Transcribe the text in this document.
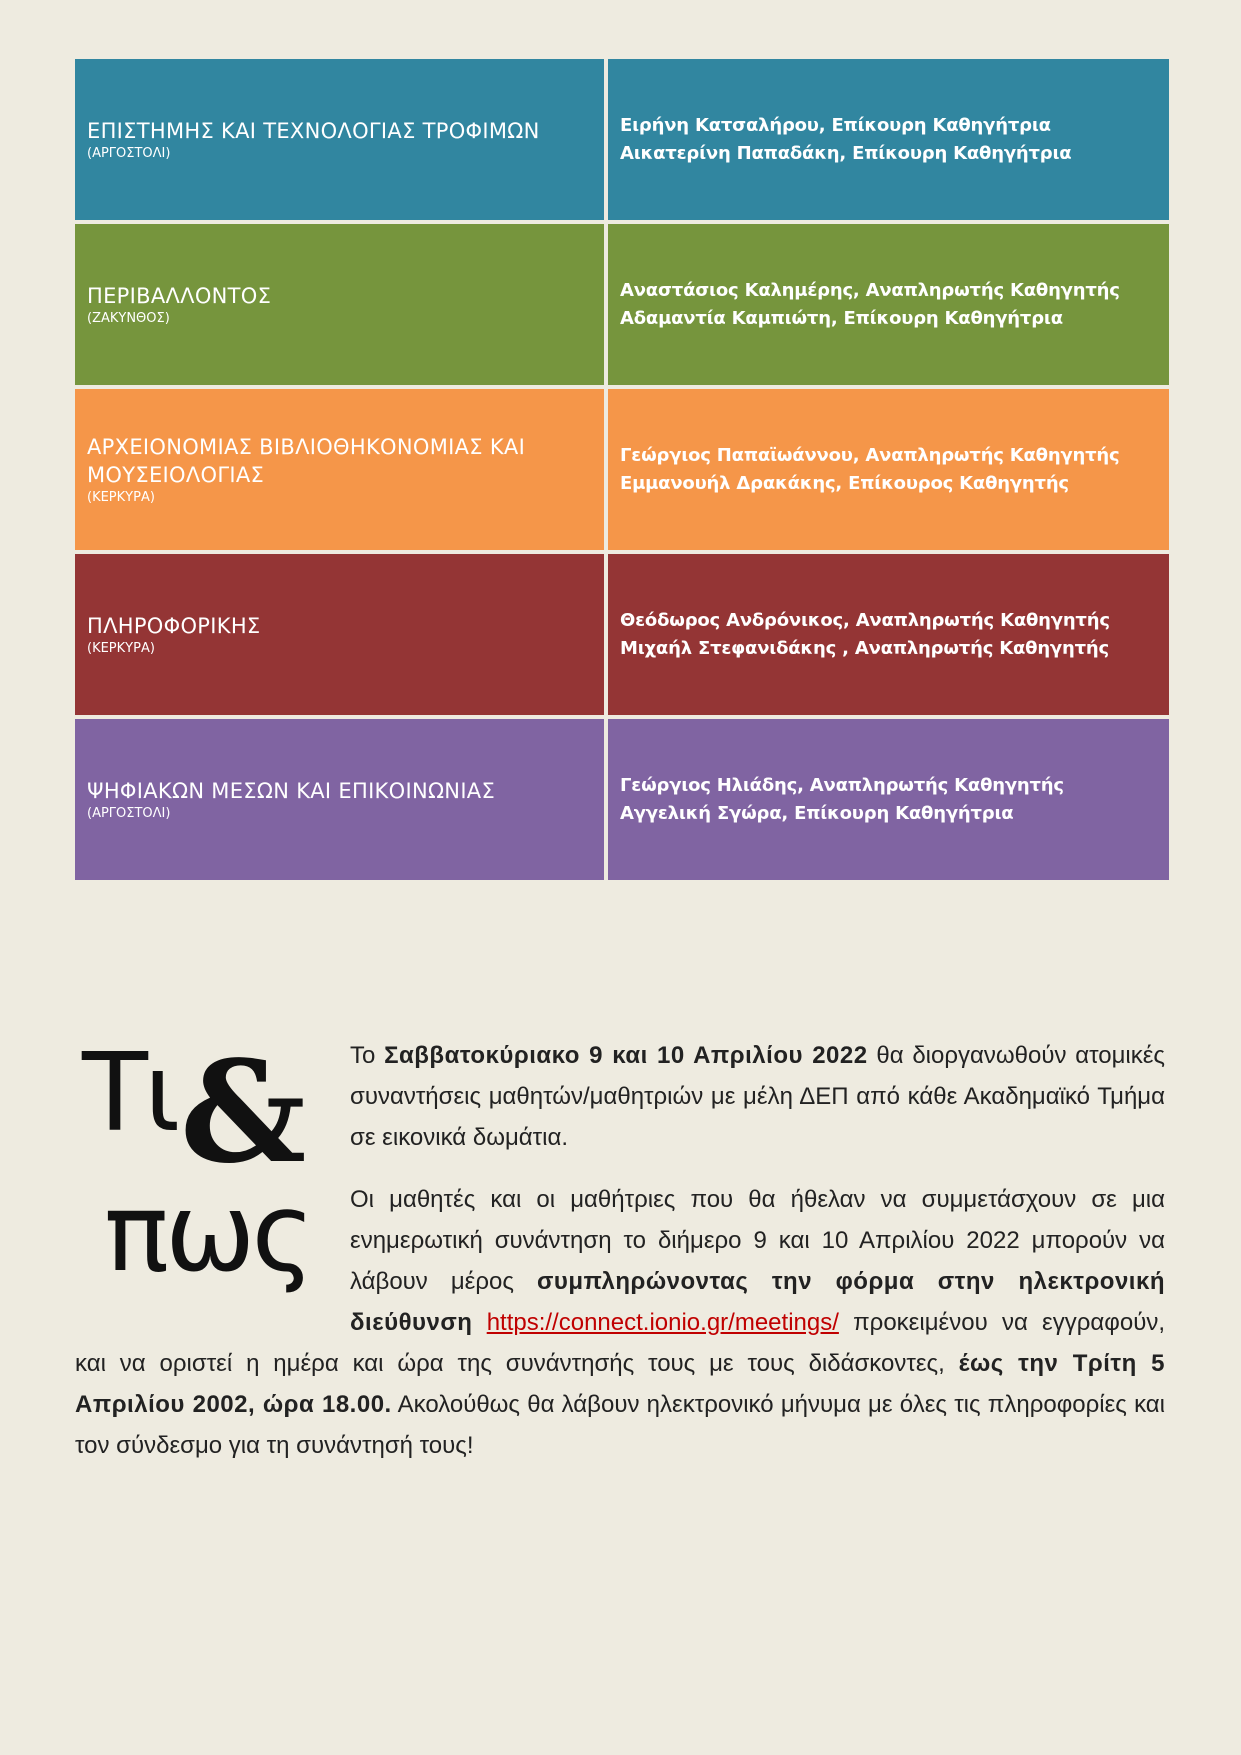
ΕΠΙΣΤΗΜΗΣ ΚΑΙ ΤΕΧΝΟΛΟΓΙΑΣ ΤΡΟΦΙΜΩΝ
(ΑΡΓΟΣΤΟΛΙ)
Ειρήνη Κατσαλήρου, Επίκουρη Καθηγήτρια
Αικατερίνη Παπαδάκη, Επίκουρη Καθηγήτρια
ΠΕΡΙΒΑΛΛΟΝΤΟΣ
(ΖΑΚΥΝΘΟΣ)
Αναστάσιος Καλημέρης, Αναπληρωτής Καθηγητής
Αδαμαντία Καμπιώτη, Επίκουρη Καθηγήτρια
ΑΡΧΕΙΟΝΟΜΙΑΣ ΒΙΒΛΙΟΘΗΚΟΝΟΜΙΑΣ ΚΑΙ ΜΟΥΣΕΙΟΛΟΓΙΑΣ
(ΚΕΡΚΥΡΑ)
Γεώργιος Παπαϊωάννου, Αναπληρωτής Καθηγητής
Εμμανουήλ Δρακάκης, Επίκουρος Καθηγητής
ΠΛΗΡΟΦΟΡΙΚΗΣ
(ΚΕΡΚΥΡΑ)
Θεόδωρος Ανδρόνικος, Αναπληρωτής Καθηγητής
Μιχαήλ Στεφανιδάκης , Αναπληρωτής Καθηγητής
ΨΗΦΙΑΚΩΝ ΜΕΣΩΝ ΚΑΙ ΕΠΙΚΟΙΝΩΝΙΑΣ
(ΑΡΓΟΣΤΟΛΙ)
Γεώργιος Ηλιάδης, Αναπληρωτής Καθηγητής
Αγγελική Σγώρα, Επίκουρη Καθηγήτρια
Τι &
πως

Το Σαββατοκύριακο 9 και 10 Απριλίου 2022 θα διοργανωθούν ατομικές συναντήσεις μαθητών/μαθητριών με μέλη ΔΕΠ από κάθε Ακαδημαϊκό Τμήμα σε εικονικά δωμάτια.

Οι μαθητές και οι μαθήτριες που θα ήθελαν να συμμετάσχουν σε μια ενημερωτική συνάντηση το διήμερο 9 και 10 Απριλίου 2022 μπορούν να λάβουν μέρος συμπληρώνοντας την φόρμα στην ηλεκτρονική διεύθυνση https://connect.ionio.gr/meetings/ προκειμένου να εγγραφούν, και να οριστεί η ημέρα και ώρα της συνάντησής τους με τους διδάσκοντες, έως την Τρίτη 5 Απριλίου 2002, ώρα 18.00. Ακολούθως θα λάβουν ηλεκτρονικό μήνυμα με όλες τις πληροφορίες και τον σύνδεσμο για τη συνάντησή τους!
